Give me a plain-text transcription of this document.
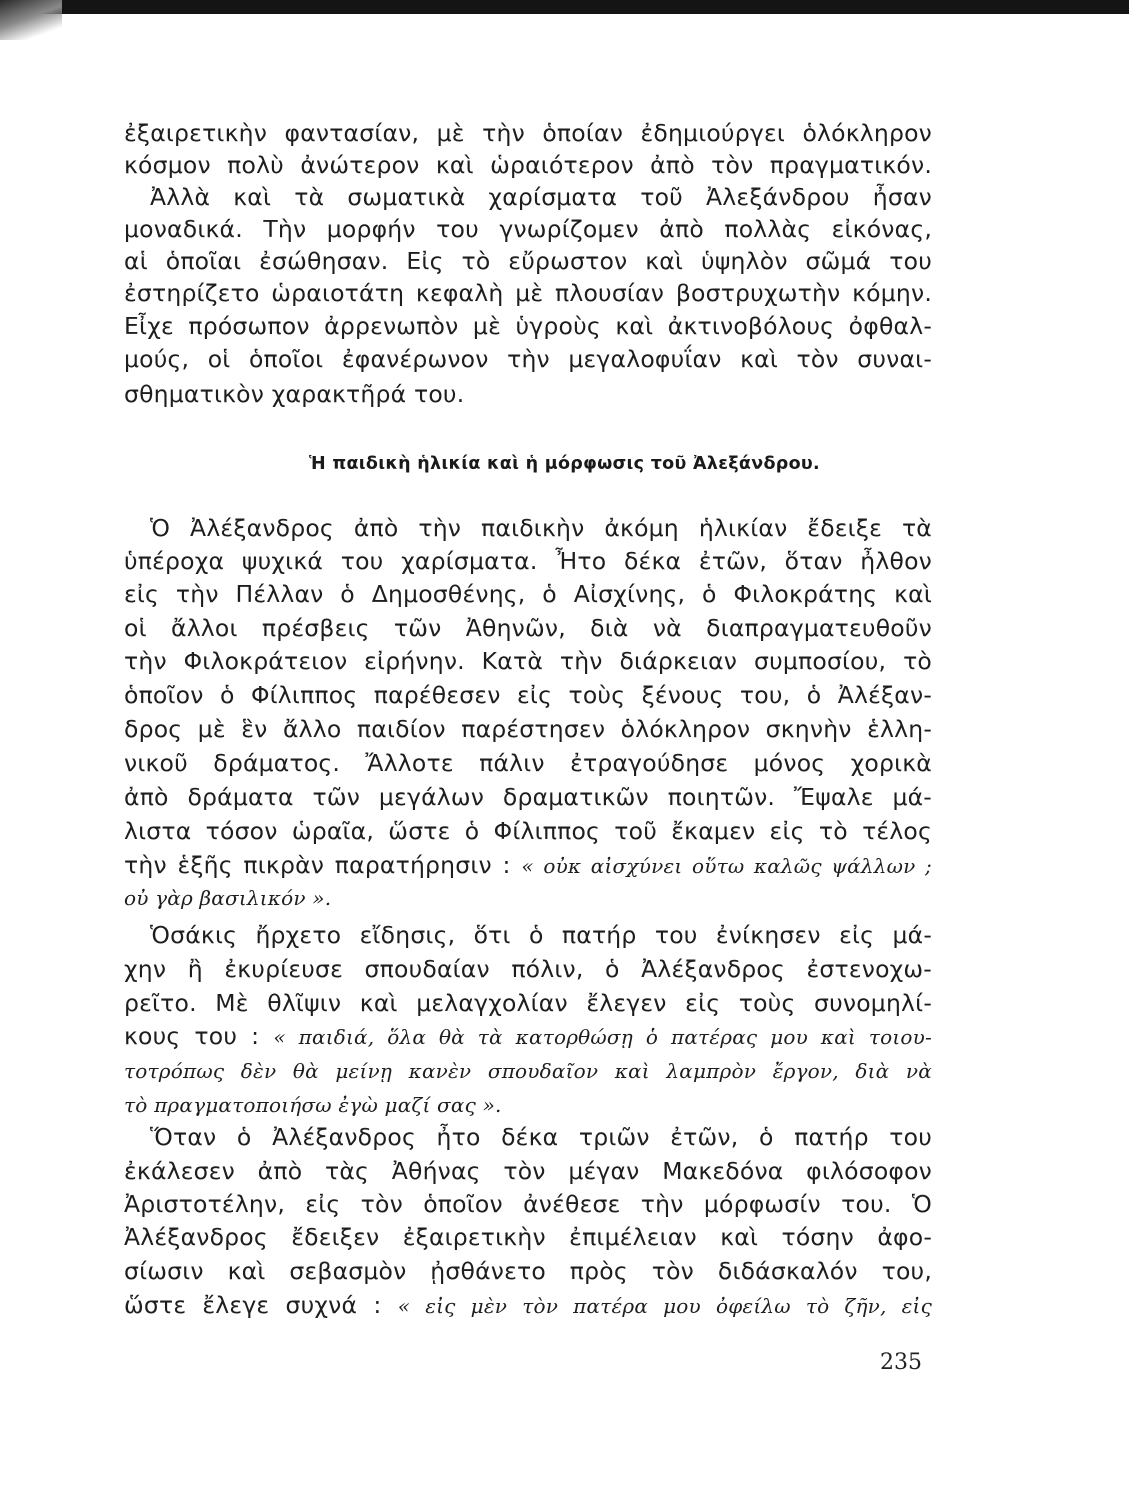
ἐξαιρετικὴν φαντασίαν, μὲ τὴν ὁποίαν ἐδημιούργει ὁλόκληρον
κόσμον πολὺ ἀνώτερον καὶ ὡραιότερον ἀπὸ τὸν πραγματικόν.
Ἀλλὰ καὶ τὰ σωματικὰ χαρίσματα τοῦ Ἀλεξάνδρου ἦσαν
μοναδικά. Τὴν μορφήν του γνωρίζομεν ἀπὸ πολλὰς εἰκόνας,
αἱ ὁποῖαι ἐσώθησαν. Εἰς τὸ εὔρωστον καὶ ὑψηλὸν σῶμά του
ἐστηρίζετο ὡραιοτάτη κεφαλὴ μὲ πλουσίαν βοστρυχωτὴν κόμην.
Εἶχε πρόσωπον ἀρρενωπὸν μὲ ὑγροὺς καὶ ἀκτινοβόλους ὀφθαλ-
μούς, οἱ ὁποῖοι ἐφανέρωνον τὴν μεγαλοφυΐαν καὶ τὸν συναι-
σθηματικὸν χαρακτῆρά του.
Ἡ παιδικὴ ἡλικία καὶ ἡ μόρφωσις τοῦ Ἀλεξάνδρου.
Ὁ Ἀλέξανδρος ἀπὸ τὴν παιδικὴν ἀκόμη ἡλικίαν ἔδειξε τὰ
ὑπέροχα ψυχικά του χαρίσματα. Ἦτο δέκα ἐτῶν, ὅταν ἦλθον
εἰς τὴν Πέλλαν ὁ Δημοσθένης, ὁ Αἰσχίνης, ὁ Φιλοκράτης καὶ
οἱ ἄλλοι πρέσβεις τῶν Ἀθηνῶν, διὰ νὰ διαπραγματευθοῦν
τὴν Φιλοκράτειον εἰρήνην. Κατὰ τὴν διάρκειαν συμποσίου, τὸ
ὁποῖον ὁ Φίλιππος παρέθεσεν εἰς τοὺς ξένους του, ὁ Ἀλέξαν-
δρος μὲ ἓν ἄλλο παιδίον παρέστησεν ὁλόκληρον σκηνὴν ἑλλη-
νικοῦ δράματος. Ἄλλοτε πάλιν ἐτραγούδησε μόνος χορικὰ
ἀπὸ δράματα τῶν μεγάλων δραματικῶν ποιητῶν. Ἔψαλε μά-
λιστα τόσον ὡραῖα, ὥστε ὁ Φίλιππος τοῦ ἔκαμεν εἰς τὸ τέλος
τὴν ἑξῆς πικρὰν παρατήρησιν : « οὐκ αἰσχύνει οὕτω καλῶς ψάλλων ;
οὐ γὰρ βασιλικόν ».
Ὁσάκις ἤρχετο εἴδησις, ὅτι ὁ πατήρ του ἐνίκησεν εἰς μά-
χην ἢ ἐκυρίευσε σπουδαίαν πόλιν, ὁ Ἀλέξανδρος ἐστενοχω-
ρεῖτο. Μὲ θλῖψιν καὶ μελαγχολίαν ἔλεγεν εἰς τοὺς συνομηλί-
κους του : « παιδιά, ὅλα θὰ τὰ κατορθώσῃ ὁ πατέρας μου καὶ τοιου-
τοτρόπως δὲν θὰ μείνῃ κανὲν σπουδαῖον καὶ λαμπρὸν ἔργον, διὰ νὰ
τὸ πραγματοποιήσω ἐγὼ μαζί σας ».
Ὅταν ὁ Ἀλέξανδρος ἦτο δέκα τριῶν ἐτῶν, ὁ πατήρ του
ἐκάλεσεν ἀπὸ τὰς Ἀθήνας τὸν μέγαν Μακεδόνα φιλόσοφον
Ἀριστοτέλην, εἰς τὸν ὁποῖον ἀνέθεσε τὴν μόρφωσίν του. Ὁ
Ἀλέξανδρος ἔδειξεν ἐξαιρετικὴν ἐπιμέλειαν καὶ τόσην ἀφο-
σίωσιν καὶ σεβασμὸν ᾐσθάνετο πρὸς τὸν διδάσκαλόν του,
ὥστε ἔλεγε συχνά : « εἰς μὲν τὸν πατέρα μου ὀφείλω τὸ ζῆν, εἰς
235
